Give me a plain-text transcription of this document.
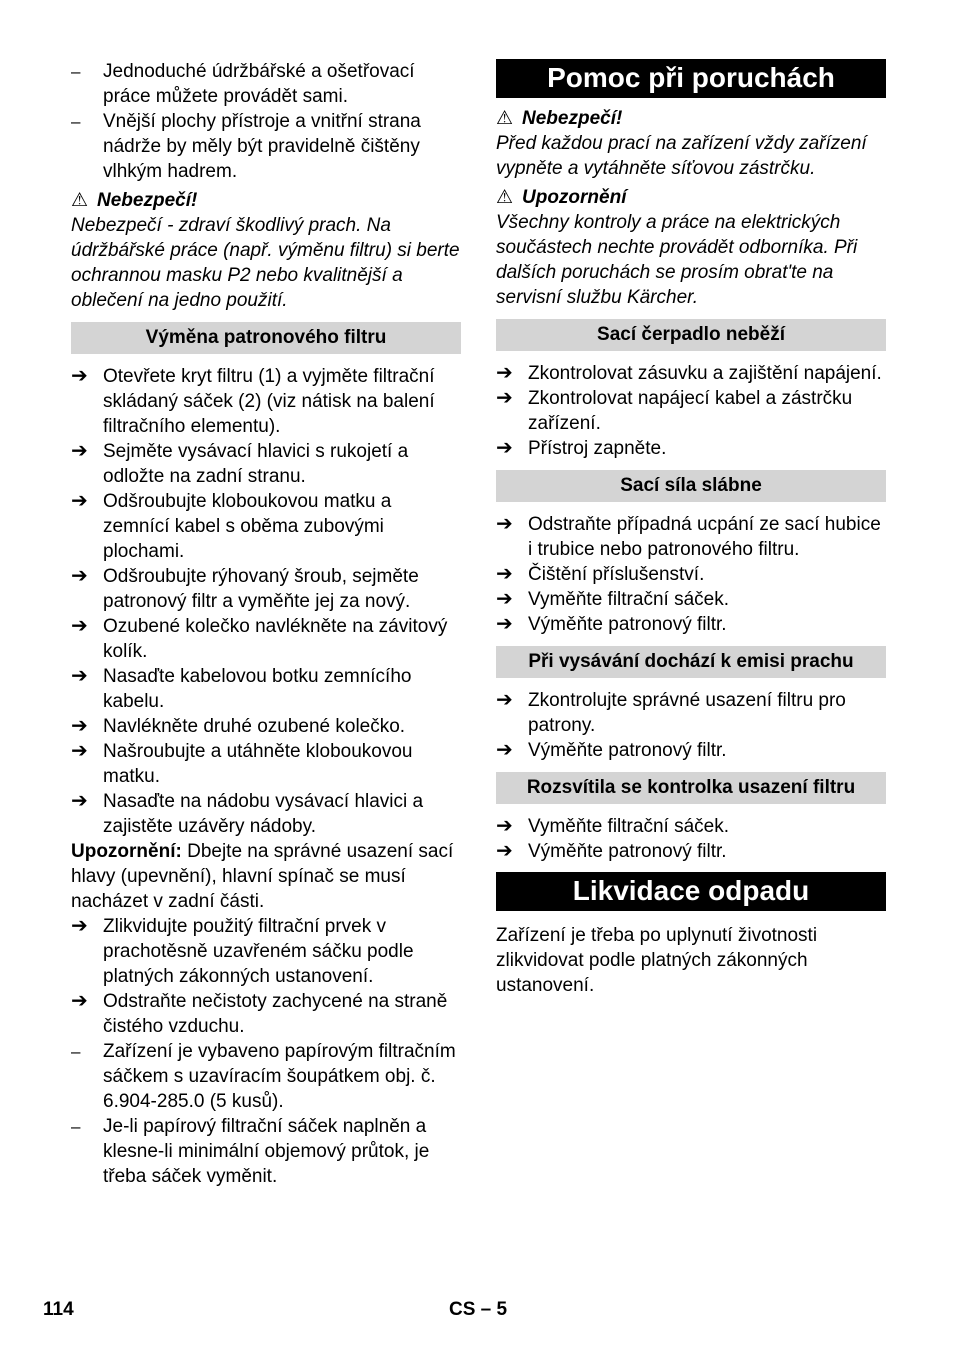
–	Jednoduché údržbářské a ošetřovací práce můžete provádět sami.
–	Vnější plochy přístroje a vnitřní strana nádrže by měly být pravidelně čištěny vlhkým hadrem.
⚠ Nebezpečí!
Nebezpečí - zdraví škodlivý prach. Na údržbářské práce (např. výměnu filtru) si berte ochrannou masku P2 nebo kvalitnější a oblečení na jedno použití.
Výměna patronového filtru
➔ Otevřete kryt filtru (1) a vyjměte filtrační skládaný sáček (2) (viz nátisk na balení filtračního elementu).
➔ Sejměte vysávací hlavici s rukojetí a odložte na zadní stranu.
➔ Odšroubujte kloboukovou matku a zemnící kabel s oběma zubovými plochami.
➔ Odšroubujte rýhovaný šroub, sejměte patronový filtr a vyměňte jej za nový.
➔ Ozubené kolečko navlékněte na závitový kolík.
➔ Nasaďte kabelovou botku zemnícího kabelu.
➔ Navlékněte druhé ozubené kolečko.
➔ Našroubujte a utáhněte kloboukovou matku.
➔ Nasaďte na nádobu vysávací hlavici a zajistěte uzávěry nádoby.
Upozornění: Dbejte na správné usazení sací hlavy (upevnění), hlavní spínač se musí nacházet v zadní části.
➔ Zlikvidujte použitý filtrační prvek v prachotěsně uzavřeném sáčku podle platných zákonných ustanovení.
➔ Odstraňte nečistoty zachycené na straně čistého vzduchu.
–	Zařízení je vybaveno papírovým filtračním sáčkem s uzavíracím šoupátkem obj. č. 6.904-285.0 (5 kusů).
–	Je-li papírový filtrační sáček naplněn a klesne-li minimální objemový průtok, je třeba sáček vyměnit.
Pomoc při poruchách
⚠ Nebezpečí!
Před každou prací na zařízení vždy zařízení vypněte a vytáhněte síťovou zástrčku.
⚠ Upozornění
Všechny kontroly a práce na elektrických součástech nechte provádět odborníka. Při dalších poruchách se prosím obrat'te na servisní službu Kärcher.
Sací čerpadlo neběží
➔ Zkontrolovat zásuvku a zajištění napájení.
➔ Zkontrolovat napájecí kabel a zástrčku zařízení.
➔ Přístroj zapněte.
Sací síla slábne
➔ Odstraňte případná ucpání ze sací hubice i trubice nebo patronového filtru.
➔ Čištění příslušenství.
➔ Vyměňte filtrační sáček.
➔ Výměňte patronový filtr.
Při vysávání dochází k emisi prachu
➔ Zkontrolujte správné usazení filtru pro patrony.
➔ Výměňte patronový filtr.
Rozsvítila se kontrolka usazení filtru
➔ Vyměňte filtrační sáček.
➔ Výměňte patronový filtr.
Likvidace odpadu
Zařízení je třeba po uplynutí životnosti zlikvidovat podle platných zákonných ustanovení.
114	CS – 5
